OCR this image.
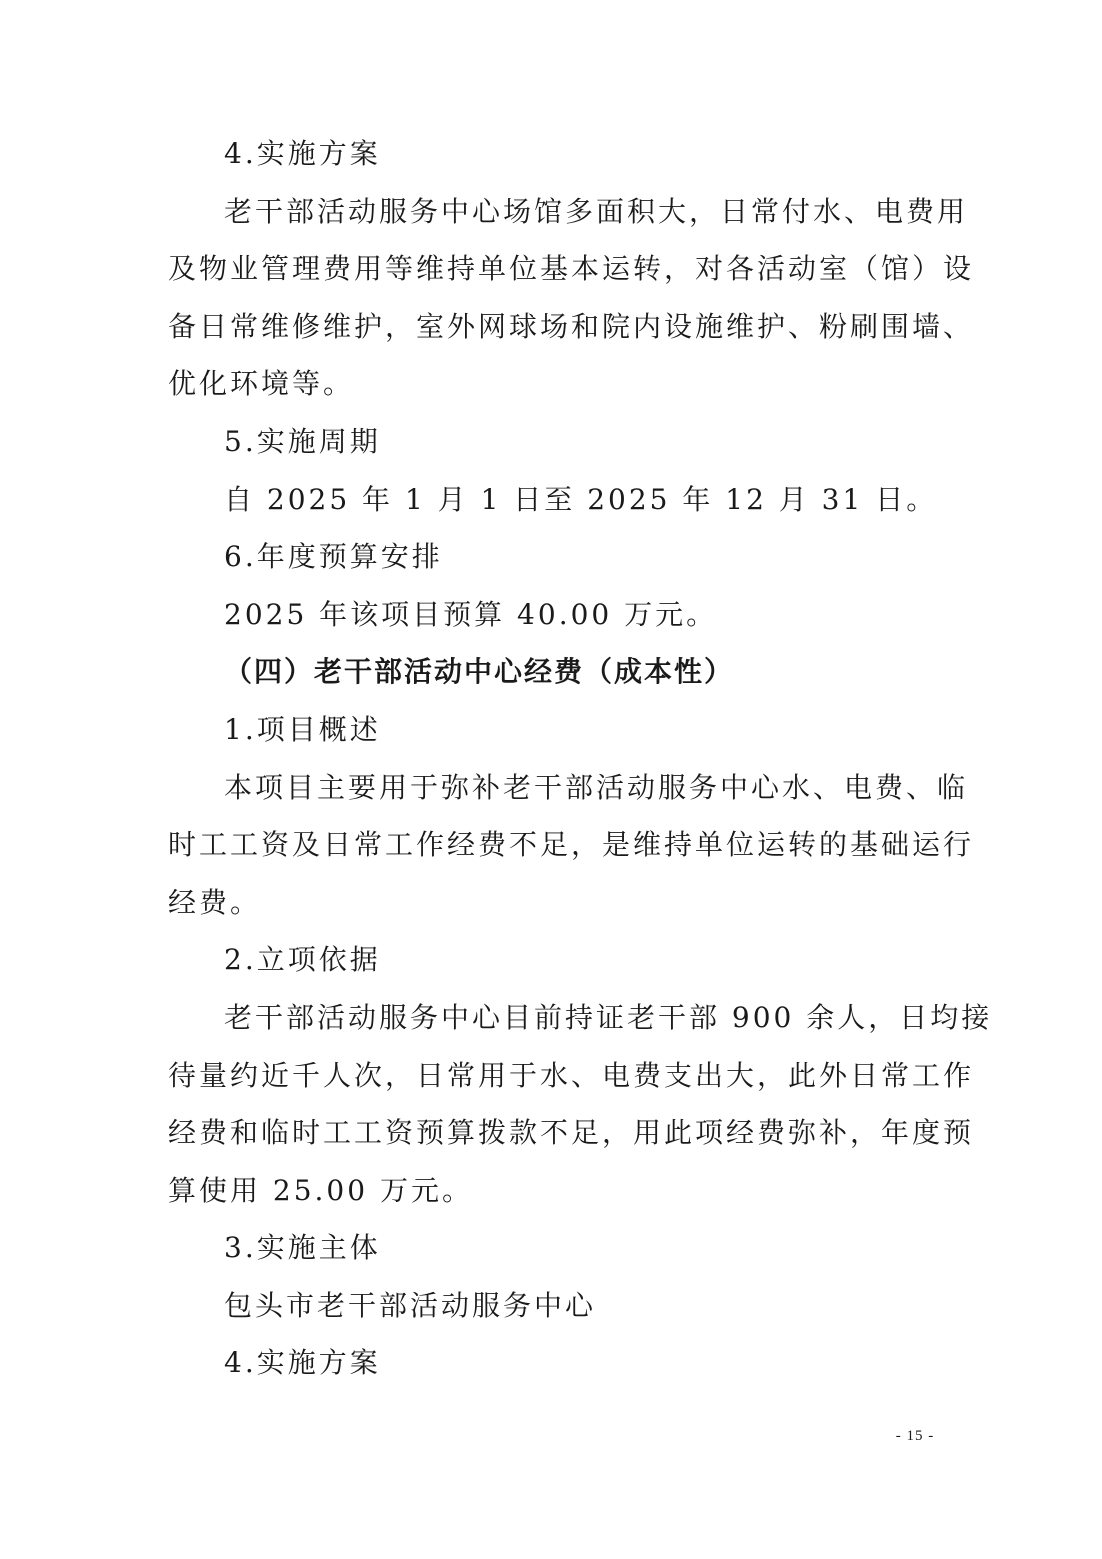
4.实施方案
老干部活动服务中心场馆多面积大，日常付水、电费用
及物业管理费用等维持单位基本运转，对各活动室（馆）设
备日常维修维护，室外网球场和院内设施维护、粉刷围墙、
优化环境等。
5.实施周期
自 2025 年 1 月 1 日至 2025 年 12 月 31 日。
6.年度预算安排
2025 年该项目预算 40.00 万元。
（四）老干部活动中心经费（成本性）
1.项目概述
本项目主要用于弥补老干部活动服务中心水、电费、临
时工工资及日常工作经费不足，是维持单位运转的基础运行
经费。
2.立项依据
老干部活动服务中心目前持证老干部 900 余人，日均接
待量约近千人次，日常用于水、电费支出大，此外日常工作
经费和临时工工资预算拨款不足，用此项经费弥补，年度预
算使用 25.00 万元。
3.实施主体
包头市老干部活动服务中心
4.实施方案
- 15 -
